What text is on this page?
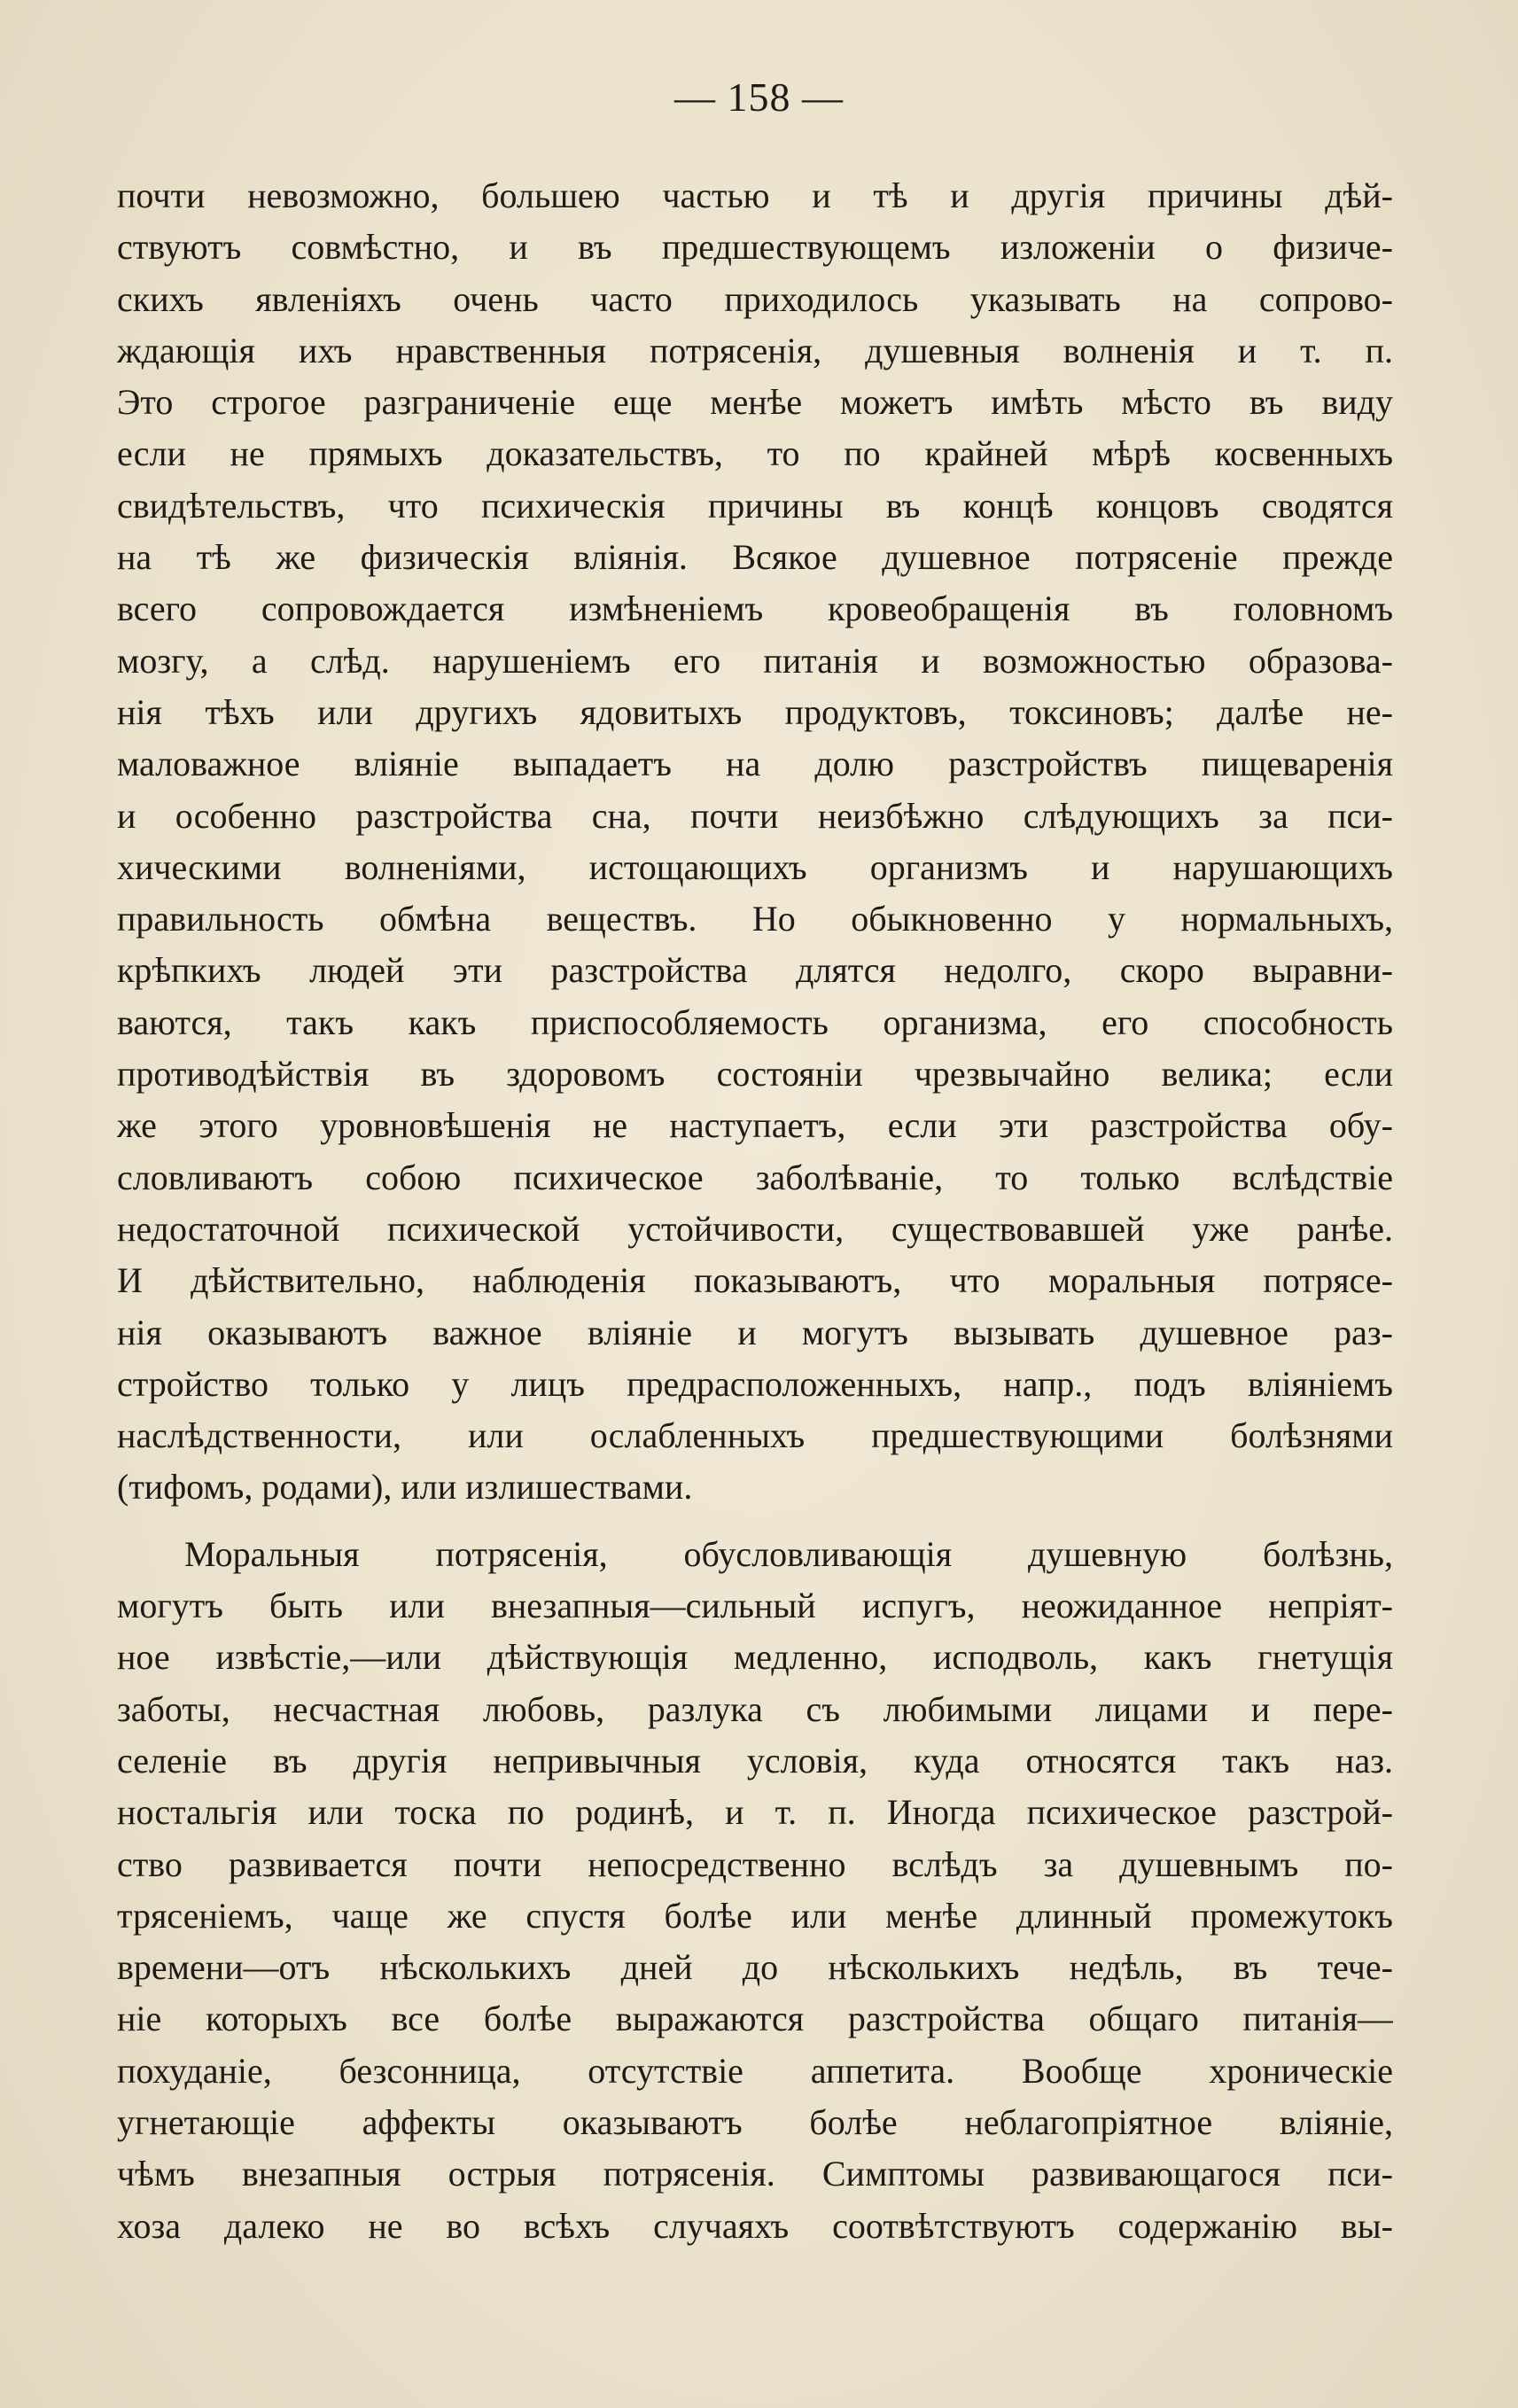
— 158 —
почти невозможно, большею частью и тѣ и другія причины дѣй-
ствуютъ совмѣстно, и въ предшествующемъ изложеніи о физиче-
скихъ явленіяхъ очень часто приходилось указывать на сопрово-
ждающія ихъ нравственныя потрясенія, душевныя волненія и т. п.
Это строгое разграниченіе еще менѣе можетъ имѣть мѣсто въ виду
если не прямыхъ доказательствъ, то по крайней мѣрѣ косвенныхъ
свидѣтельствъ, что психическія причины въ концѣ концовъ сводятся
на тѣ же физическія вліянія. Всякое душевное потрясеніе прежде
всего сопровождается измѣненіемъ кровеобращенія въ головномъ
мозгу, а слѣд. нарушеніемъ его питанія и возможностью образова-
нія тѣхъ или другихъ ядовитыхъ продуктовъ, токсиновъ; далѣе не-
маловажное вліяніе выпадаетъ на долю разстройствъ пищеваренія
и особенно разстройства сна, почти неизбѣжно слѣдующихъ за пси-
хическими волненіями, истощающихъ организмъ и нарушающихъ
правильность обмѣна веществъ. Но обыкновенно у нормальныхъ,
крѣпкихъ людей эти разстройства длятся недолго, скоро выравни-
ваются, такъ какъ приспособляемость организма, его способность
противодѣйствія въ здоровомъ состояніи чрезвычайно велика; если
же этого уровновѣшенія не наступаетъ, если эти разстройства обу-
словливаютъ собою психическое заболѣваніе, то только вслѣдствіе
недостаточной психической устойчивости, существовавшей уже ранѣе.
И дѣйствительно, наблюденія показываютъ, что моральныя потрясе-
нія оказываютъ важное вліяніе и могутъ вызывать душевное раз-
стройство только у лицъ предрасположенныхъ, напр., подъ вліяніемъ
наслѣдственности, или ослабленныхъ предшествующими болѣзнями
(тифомъ, родами), или излишествами.
Моральныя потрясенія, обусловливающія душевную болѣзнь,
могутъ быть или внезапныя—сильный испугъ, неожиданное непріят-
ное извѣстіе,—или дѣйствующія медленно, исподволь, какъ гнетущія
заботы, несчастная любовь, разлука съ любимыми лицами и пере-
селеніе въ другія непривычныя условія, куда относятся такъ наз.
ностальгія или тоска по родинѣ, и т. п. Иногда психическое разстрой-
ство развивается почти непосредственно вслѣдъ за душевнымъ по-
трясеніемъ, чаще же спустя болѣе или менѣе длинный промежутокъ
времени—отъ нѣсколькихъ дней до нѣсколькихъ недѣль, въ тече-
ніе которыхъ все болѣе выражаются разстройства общаго питанія—
похуданіе, безсонница, отсутствіе аппетита. Вообще хроническіе
угнетающіе аффекты оказываютъ болѣе неблагопріятное вліяніе,
чѣмъ внезапныя острыя потрясенія. Симптомы развивающагося пси-
хоза далеко не во всѣхъ случаяхъ соотвѣтствуютъ содержанію вы-
